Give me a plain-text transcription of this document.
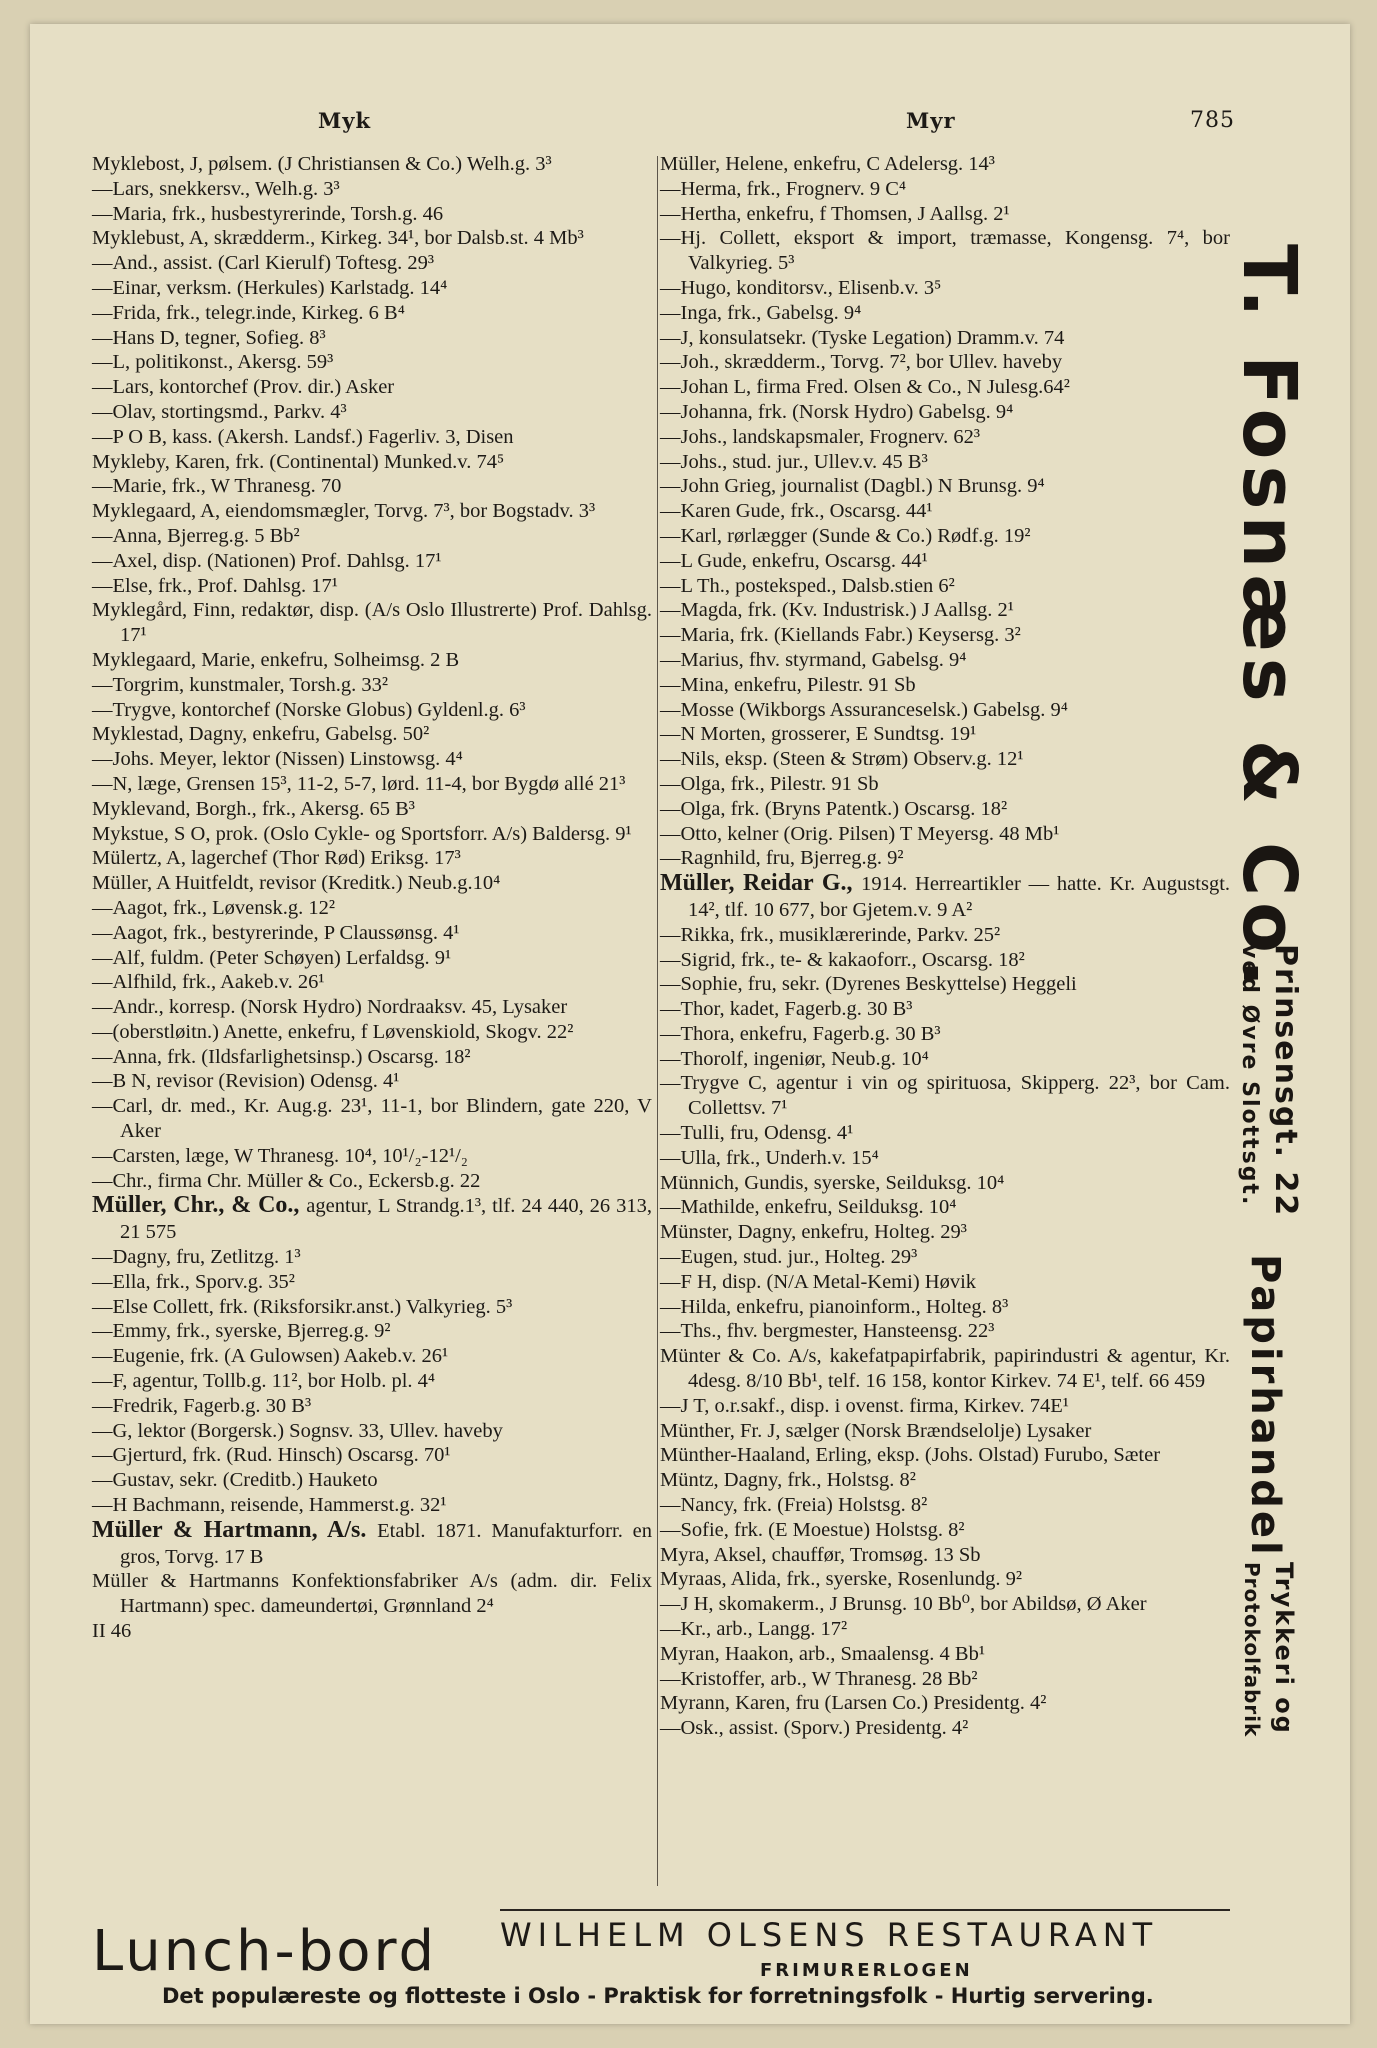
Myk	Myr	785
Myklebost, J, pølsem. (J Christiansen & Co.) Welh.g. 3³
—Lars, snekkersv., Welh.g. 3³
—Maria, frk., husbestyrerinde, Torsh.g. 46
Myklebust, A, skrædderm., Kirkeg. 34¹, bor Dalsb.st. 4 Mb³
—And., assist. (Carl Kierulf) Toftesg. 29³
—Einar, verksm. (Herkules) Karlstadg. 14⁴
—Frida, frk., telegr.inde, Kirkeg. 6 B⁴
—Hans D, tegner, Sofieg. 8³
—L, politikonst., Akersg. 59³
—Lars, kontorchef (Prov. dir.) Asker
—Olav, stortingsmd., Parkv. 4³
—P O B, kass. (Akersh. Landsf.) Fagerliv. 3, Disen
Mykleby, Karen, frk. (Continental) Munked.v. 74⁵
—Marie, frk., W Thranesg. 70
Myklegaard, A, eiendomsmægler, Torvg. 7³, bor Bogstadv. 3³
—Anna, Bjerreg.g. 5 Bb²
—Axel, disp. (Nationen) Prof. Dahlsg. 17¹
—Else, frk., Prof. Dahlsg. 17¹
Myklegård, Finn, redaktør, disp. (A/s Oslo Illustrerte) Prof. Dahlsg. 17¹
Myklegaard, Marie, enkefru, Solheimsg. 2 B
—Torgrim, kunstmaler, Torsh.g. 33²
—Trygve, kontorchef (Norske Globus) Gyldenl.g. 6³
Myklestad, Dagny, enkefru, Gabelsg. 50²
—Johs. Meyer, lektor (Nissen) Linstowsg. 4⁴
—N, læge, Grensen 15³, 11-2, 5-7, lørd. 11-4, bor Bygdø allé 21³
Myklevand, Borgh., frk., Akersg. 65 B³
Mykstue, S O, prok. (Oslo Cykle- og Sportsforr. A/s) Baldersg. 9¹
Mülertz, A, lagerchef (Thor Rød) Eriksg. 17³
Müller, A Huitfeldt, revisor (Kreditk.) Neub.g.10⁴
—Aagot, frk., Løvensk.g. 12²
—Aagot, frk., bestyrerinde, P Claussønsg. 4¹
—Alf, fuldm. (Peter Schøyen) Lerfaldsg. 9¹
—Alfhild, frk., Aakeb.v. 26¹
—Andr., korresp. (Norsk Hydro) Nordraaksv. 45, Lysaker
—(oberstløitn.) Anette, enkefru, f Løvenskiold, Skogv. 22²
—Anna, frk. (Ildsfarlighetsinsp.) Oscarsg. 18²
—B N, revisor (Revision) Odensg. 4¹
—Carl, dr. med., Kr. Aug.g. 23¹, 11-1, bor Blindern, gate 220, V Aker
—Carsten, læge, W Thranesg. 10⁴, 10¹/₂-12¹/₂
—Chr., firma Chr. Müller & Co., Eckersb.g. 22
Müller, Chr., & Co., agentur, L Strandg.1³, tlf. 24 440, 26 313, 21 575
—Dagny, fru, Zetlitzg. 1³
—Ella, frk., Sporv.g. 35²
—Else Collett, frk. (Riksforsikr.anst.) Valkyrieg. 5³
—Emmy, frk., syerske, Bjerreg.g. 9²
—Eugenie, frk. (A Gulowsen) Aakeb.v. 26¹
—F, agentur, Tollb.g. 11², bor Holb. pl. 4⁴
—Fredrik, Fagerb.g. 30 B³
—G, lektor (Borgersk.) Sognsv. 33, Ullev. haveby
—Gjerturd, frk. (Rud. Hinsch) Oscarsg. 70¹
—Gustav, sekr. (Creditb.) Hauketo
—H Bachmann, reisende, Hammerst.g. 32¹
Müller & Hartmann, A/s. Etabl. 1871. Manufakturforr. en gros, Torvg. 17 B
Müller & Hartmanns Konfektionsfabriker A/s (adm. dir. Felix Hartmann) spec. dameundertøi, Grønnland 2⁴
II 46
Müller, Helene, enkefru, C Adelersg. 14³
—Herma, frk., Frognerv. 9 C⁴
—Hertha, enkefru, f Thomsen, J Aallsg. 2¹
—Hj. Collett, eksport & import, træmasse, Kongensg. 7⁴, bor Valkyrieg. 5³
—Hugo, konditorsv., Elisenb.v. 3⁵
—Inga, frk., Gabelsg. 9⁴
—J, konsulatsekr. (Tyske Legation) Dramm.v. 74
—Joh., skrædderm., Torvg. 7², bor Ullev. haveby
—Johan L, firma Fred. Olsen & Co., N Julesg.64²
—Johanna, frk. (Norsk Hydro) Gabelsg. 9⁴
—Johs., landskapsmaler, Frognerv. 62³
—Johs., stud. jur., Ullev.v. 45 B³
—John Grieg, journalist (Dagbl.) N Brunsg. 9⁴
—Karen Gude, frk., Oscarsg. 44¹
—Karl, rørlægger (Sunde & Co.) Rødf.g. 19²
—L Gude, enkefru, Oscarsg. 44¹
—L Th., posteksped., Dalsb.stien 6²
—Magda, frk. (Kv. Industrisk.) J Aallsg. 2¹
—Maria, frk. (Kiellands Fabr.) Keysersg. 3²
—Marius, fhv. styrmand, Gabelsg. 9⁴
—Mina, enkefru, Pilestr. 91 Sb
—Mosse (Wikborgs Assuranceselsk.) Gabelsg. 9⁴
—N Morten, grosserer, E Sundtsg. 19¹
—Nils, eksp. (Steen & Strøm) Observ.g. 12¹
—Olga, frk., Pilestr. 91 Sb
—Olga, frk. (Bryns Patentk.) Oscarsg. 18²
—Otto, kelner (Orig. Pilsen) T Meyersg. 48 Mb¹
—Ragnhild, fru, Bjerreg.g. 9²
Müller, Reidar G., 1914. Herreartikler — hatte. Kr. Augustsgt. 14², tlf. 10 677, bor Gjetem.v. 9 A²
—Rikka, frk., musiklærerinde, Parkv. 25²
—Sigrid, frk., te- & kakaoforr., Oscarsg. 18²
—Sophie, fru, sekr. (Dyrenes Beskyttelse) Heggeli
—Thor, kadet, Fagerb.g. 30 B³
—Thora, enkefru, Fagerb.g. 30 B³
—Thorolf, ingeniør, Neub.g. 10⁴
—Trygve C, agentur i vin og spirituosa, Skipperg. 22³, bor Cam. Collettsv. 7¹
—Tulli, fru, Odensg. 4¹
—Ulla, frk., Underh.v. 15⁴
Münnich, Gundis, syerske, Seilduksg. 10⁴
—Mathilde, enkefru, Seilduksg. 10⁴
Münster, Dagny, enkefru, Holteg. 29³
—Eugen, stud. jur., Holteg. 29³
—F H, disp. (N/A Metal-Kemi) Høvik
—Hilda, enkefru, pianoinform., Holteg. 8³
—Ths., fhv. bergmester, Hansteensg. 22³
Münter & Co. A/s, kakefatpapirfabrik, papirindustri & agentur, Kr. 4desg. 8/10 Bb¹, telf. 16 158, kontor Kirkev. 74 E¹, telf. 66 459
—J T, o.r.sakf., disp. i ovenst. firma, Kirkev. 74E¹
Münther, Fr. J, sælger (Norsk Brændselolje) Lysaker
Münther-Haaland, Erling, eksp. (Johs. Olstad) Furubo, Sæter
Müntz, Dagny, frk., Holstsg. 8²
—Nancy, frk. (Freia) Holstsg. 8²
—Sofie, frk. (E Moestue) Holstsg. 8²
Myra, Aksel, chauffør, Tromsøg. 13 Sb
Myraas, Alida, frk., syerske, Rosenlundg. 9²
—J H, skomakerm., J Brunsg. 10 Bb⁰, bor Abildsø, Ø Aker
—Kr., arb., Langg. 17²
Myran, Haakon, arb., Smaalensg. 4 Bb¹
—Kristoffer, arb., W Thranesg. 28 Bb²
Myrann, Karen, fru (Larsen Co.) Presidentg. 4²
—Osk., assist. (Sporv.) Presidentg. 4²
T. Fosnæs & Co.
Prinsensgt. 22
ved Øvre Slottsgt.
Papirhandel
Trykkeri og
Protokolfabrik
WILHELM OLSENS RESTAURANT
FRIMURERLOGEN
Lunch-bord
Det populæreste og flotteste i Oslo - Praktisk for forretningsfolk - Hurtig servering.
